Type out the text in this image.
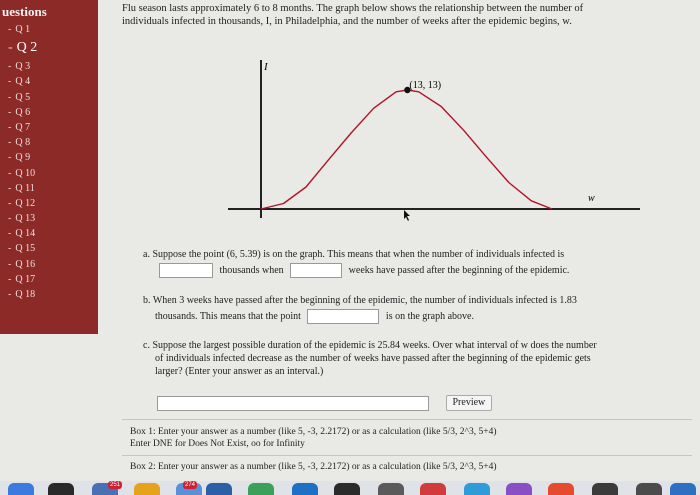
uestions
- Q 1
- Q 2
- Q 3
- Q 4
- Q 5
- Q 6
- Q 7
- Q 8
- Q 9
- Q 10
- Q 11
- Q 12
- Q 13
- Q 14
- Q 15
- Q 16
- Q 17
- Q 18
Flu season lasts approximately 6 to 8 months. The graph below shows the relationship between the number of
individuals infected in thousands, I, in Philadelphia, and the number of weeks after the epidemic begins, w.
I
w
(13, 13)
a. Suppose the point (6, 5.39) is on the graph. This means that when the number of individuals infected is
thousands when	weeks have passed after the beginning of the epidemic.
b. When 3 weeks have passed after the beginning of the epidemic, the number of individuals infected is 1.83
thousands. This means that the point	is on the graph above.
c. Suppose the largest possible duration of the epidemic is 25.84 weeks. Over what interval of w does the number
of individuals infected decrease as the number of weeks have passed after the beginning of the epidemic gets
larger? (Enter your answer as an interval.)
Preview
Box 1: Enter your answer as a number (like 5, -3, 2.2172) or as a calculation (like 5/3, 2^3, 5+4)
Enter DNE for Does Not Exist, oo for Infinity
Box 2: Enter your answer as a number (like 5, -3, 2.2172) or as a calculation (like 5/3, 2^3, 5+4)
251	274
